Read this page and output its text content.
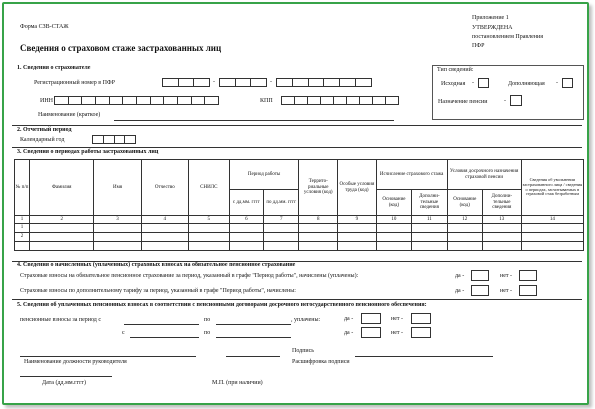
Форма СЗВ-СТАЖ
Сведения о страховом стаже застрахованных лиц
Приложение 1
УТВЕРЖДЕНА
постановлением Правления
ПФР
1. Сведения о страхователе
Регистрационный номер в ПФР	-	-
ИНН	КПП
Наименование (краткое)
Тип сведений:
Исходная -	Дополняющая -
Назначение пенсии	-
2. Отчетный период
Календарный год
3. Сведения о периодах работы застрахованных лиц
№ п/п	Фамилия	Имя	Отчество	СНИЛС	Период работы		Террито- риальные условия (код)	Особые условия труда (код)	Исчисление страхового стажа		Условия досрочного назначения страховой пенсии		Сведения об увольнении застрахованного лица / сведения о периодах, засчитываемых в страховой стаж безработным
					с дд.мм. гггг	по дд.мм. гггг			Основание (код)	Дополни- тельные сведения	Основание (код)	Дополни- тельные сведения	
1	2	3	4	5	6	7	8	9	10	11	12	13	14
1													
2													

4. Сведения о начисленных (уплаченных) страховых взносах на обязательное пенсионное страхование
Страховые взносы на обязательное пенсионное страхование за период, указанный в графе "Период работы", начислены (уплачены):	да -	нет -
Страховые взносы по дополнительному тарифу за период, указанный в графе "Период работы", начислены:	да -	нет -
5. Сведения об уплаченных пенсионных взносах в соответствии с пенсионными договорами досрочного негосударственного пенсионного обеспечения:
пенсионные взносы за период с	по	, уплачены:	да -	нет -
с	по	да -	нет -
Подпись
Наименование должности руководителя	Расшифровка подписи
Дата (дд.мм.гггг)	М.П. (при наличии)
